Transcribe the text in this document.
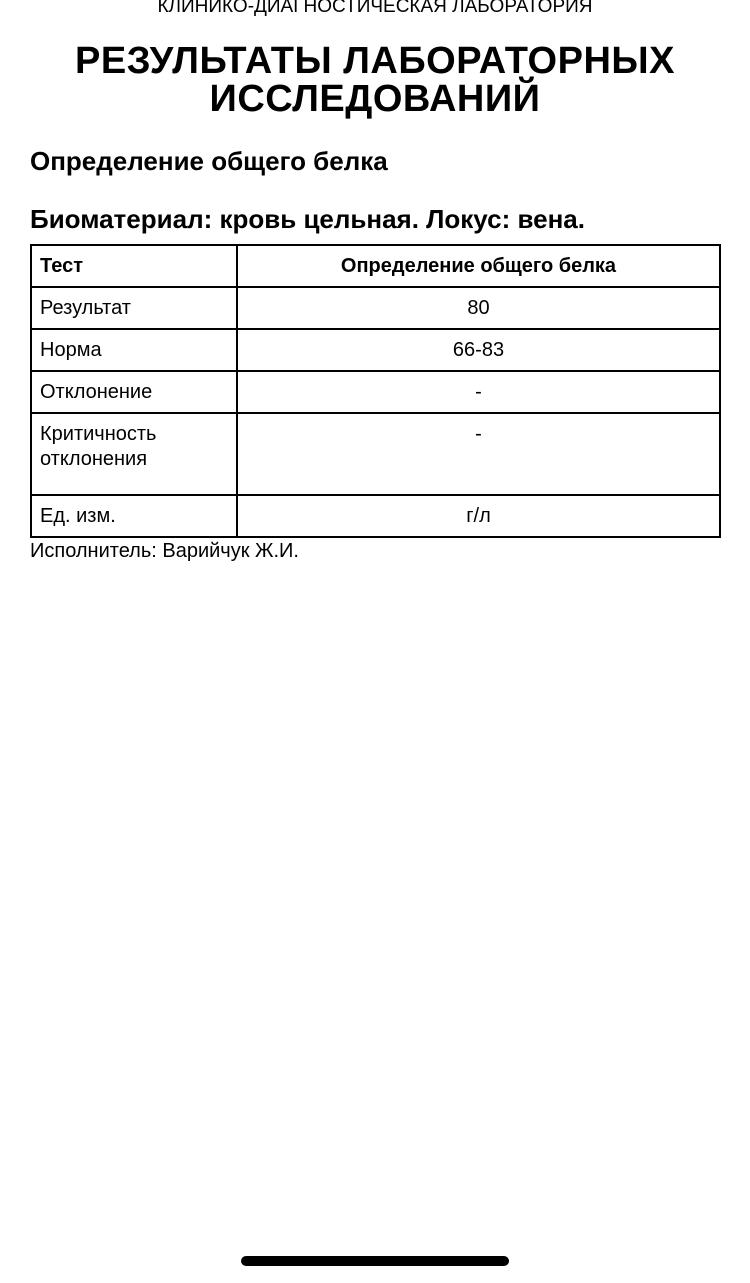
КЛИНИКО-ДИАГНОСТИЧЕСКАЯ ЛАБОРАТОРИЯ
РЕЗУЛЬТАТЫ ЛАБОРАТОРНЫХ
ИССЛЕДОВАНИЙ
Определение общего белка
Биоматериал: кровь цельная. Локус: вена.
Тест	Определение общего белка
Результат	80
Норма	66-83
Отклонение	-
Критичность отклонения	-
Ед. изм.	г/л
Исполнитель: Варийчук Ж.И.
